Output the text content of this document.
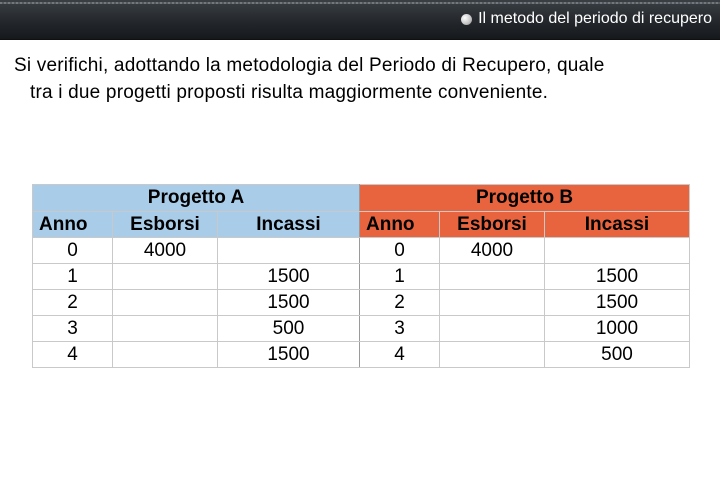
Il metodo del periodo di recupero
Si verifichi, adottando la metodologia del Periodo di Recupero, quale
tra i due progetti proposti risulta maggiormente conveniente.
Progetto A			Progetto B		
Anno	Esborsi	Incassi	Anno	Esborsi	Incassi
0	4000		0	4000	
1		1500	1		1500
2		1500	2		1500
3		500	3		1000
4		1500	4		500
